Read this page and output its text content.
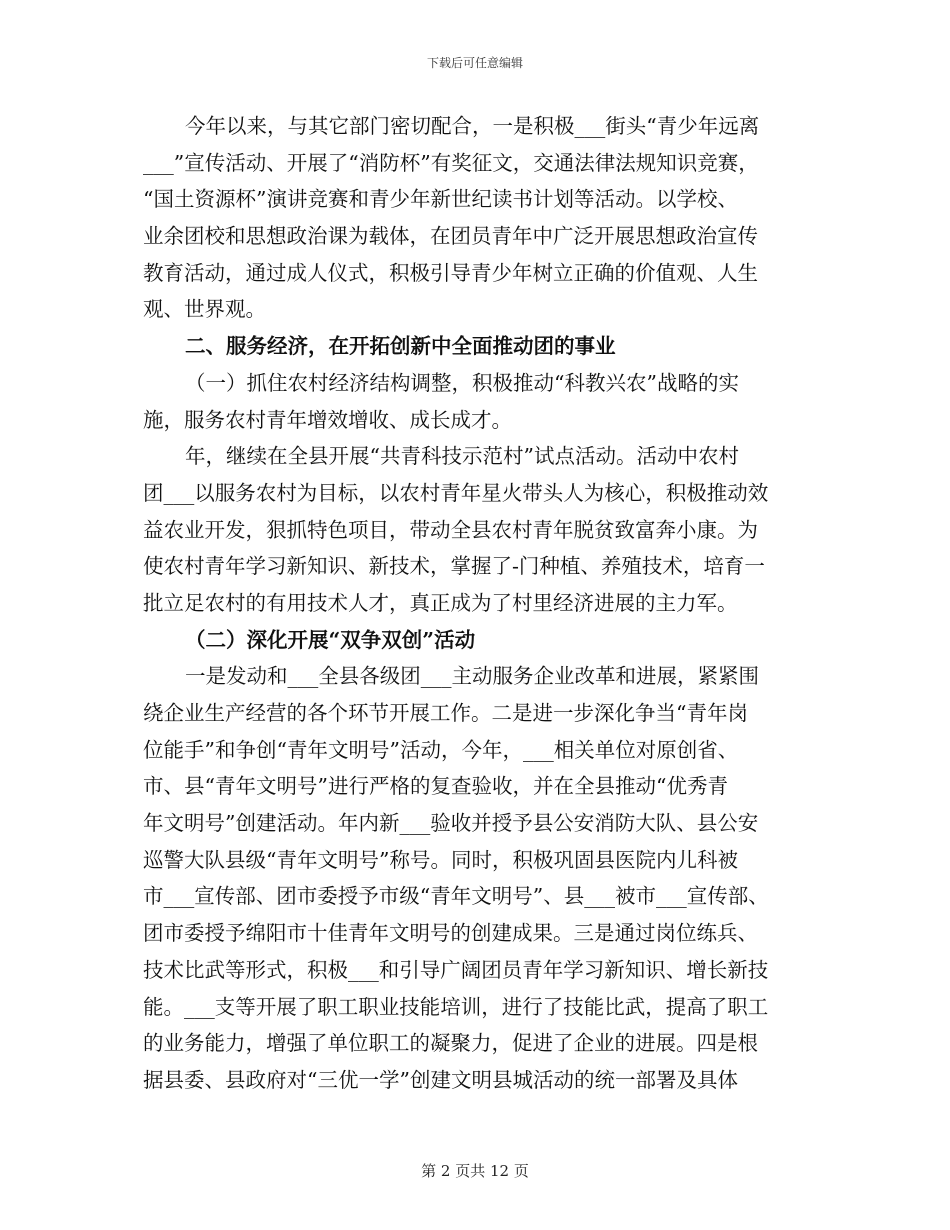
下载后可任意编辑
今年以来，与其它部门密切配合，一是积极___街头“青少年远离
___”宣传活动、开展了“消防杯”有奖征文，交通法律法规知识竞赛，
“国土资源杯”演讲竞赛和青少年新世纪读书计划等活动。以学校、
业余团校和思想政治课为载体，在团员青年中广泛开展思想政治宣传
教育活动，通过成人仪式，积极引导青少年树立正确的价值观、人生
观、世界观。
二、服务经济，在开拓创新中全面推动团的事业
（一）抓住农村经济结构调整，积极推动“科教兴农”战略的实
施，服务农村青年增效增收、成长成才。
年，继续在全县开展“共青科技示范村”试点活动。活动中农村
团___以服务农村为目标，以农村青年星火带头人为核心，积极推动效
益农业开发，狠抓特色项目，带动全县农村青年脱贫致富奔小康。为
使农村青年学习新知识、新技术，掌握了-门种植、养殖技术，培育一
批立足农村的有用技术人才，真正成为了村里经济进展的主力军。
（二）深化开展“双争双创”活动
一是发动和___全县各级团___主动服务企业改革和进展，紧紧围
绕企业生产经营的各个环节开展工作。二是进一步深化争当“青年岗
位能手”和争创“青年文明号”活动，今年，___相关单位对原创省、
市、县“青年文明号”进行严格的复查验收，并在全县推动“优秀青
年文明号”创建活动。年内新___验收并授予县公安消防大队、县公安
巡警大队县级“青年文明号”称号。同时，积极巩固县医院内儿科被
市___宣传部、团市委授予市级“青年文明号”、县___被市___宣传部、
团市委授予绵阳市十佳青年文明号的创建成果。三是通过岗位练兵、
技术比武等形式，积极___和引导广阔团员青年学习新知识、增长新技
能。___支等开展了职工职业技能培训，进行了技能比武，提高了职工
的业务能力，增强了单位职工的凝聚力，促进了企业的进展。四是根
据县委、县政府对“三优一学”创建文明县城活动的统一部署及具体
第 2 页共 12 页
